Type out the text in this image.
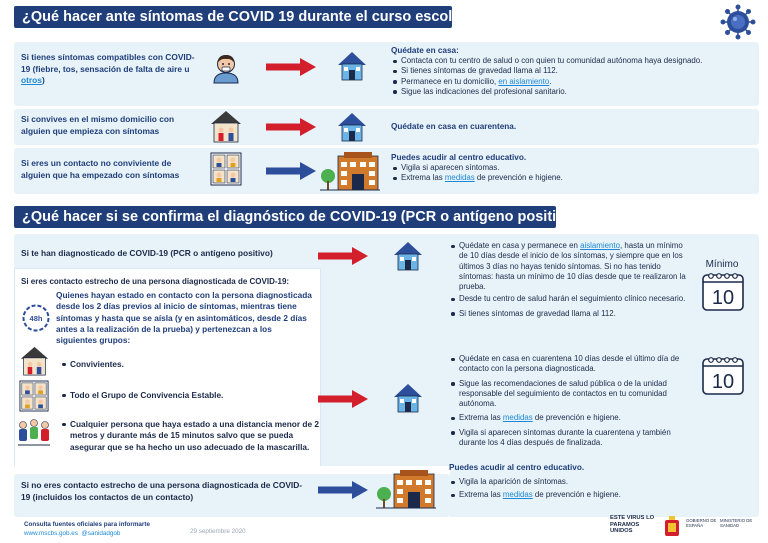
¿Qué hacer ante síntomas de COVID 19 durante el curso escolar?
Si tienes síntomas compatibles con COVID-19 (fiebre, tos, sensación de falta de aire u otros)
Quédate en casa:
Contacta con tu centro de salud o con quien tu comunidad autónoma haya designado.
Si tienes síntomas de gravedad llama al 112.
Permanece en tu domicilio, en aislamiento.
Sigue las indicaciones del profesional sanitario.
Si convives en el mismo domicilio con alguien que empieza con síntomas	Quédate en casa en cuarentena.
Si eres un contacto no conviviente de alguien que ha empezado con síntomas
Puedes acudir al centro educativo.
Vigila si aparecen síntomas.
Extrema las medidas de prevención e higiene.
¿Qué hacer si se confirma el diagnóstico de COVID-19 (PCR o antígeno positivo)?
Si te han diagnosticado de COVID-19 (PCR o antígeno positivo)
Quédate en casa y permanece en aislamiento, hasta un mínimo de 10 días desde el inicio de los síntomas, y siempre que en los últimos 3 días no hayas tenido síntomas. Si no has tenido síntomas: hasta un mínimo de 10 días desde que te realizaron la prueba.
Desde tu centro de salud harán el seguimiento clínico necesario.
Si tienes síntomas de gravedad llama al 112.
Mínimo
10
Si eres contacto estrecho de una persona diagnosticada de COVID-19:
48h
Quienes hayan estado en contacto con la persona diagnosticada desde los 2 días previos al inicio de síntomas, mientras tiene síntomas y hasta que se aísla (y en asintomáticos, desde 2 días antes a la realización de la prueba) y pertenezcan a los siguientes grupos:
Convivientes.
Todo el Grupo de Convivencia Estable.
Cualquier persona que haya estado a una distancia menor de 2 metros y durante más de 15 minutos salvo que se pueda asegurar que se ha hecho un uso adecuado de la mascarilla.
Quédate en casa en cuarentena 10 días desde el último día de contacto con la persona diagnosticada.
Sigue las recomendaciones de salud pública o de la unidad responsable del seguimiento de contactos en tu comunidad autónoma.
Extrema las medidas de prevención e higiene.
Vigila si aparecen síntomas durante la cuarentena y también durante los 4 días después de finalizada.
10
Si no eres contacto estrecho de una persona diagnosticada de COVID-19 (incluidos los contactos de un contacto)
Puedes acudir al centro educativo.
Vigila la aparición de síntomas.
Extrema las medidas de prevención e higiene.
Consulta fuentes oficiales para informarte
www.mscbs.gob.es @sanidadgob	29 septiembre 2020
ESTE VIRUS LO PARAMOS UNIDOS
GOBIERNO DE ESPAÑA
MINISTERIO DE SANIDAD
